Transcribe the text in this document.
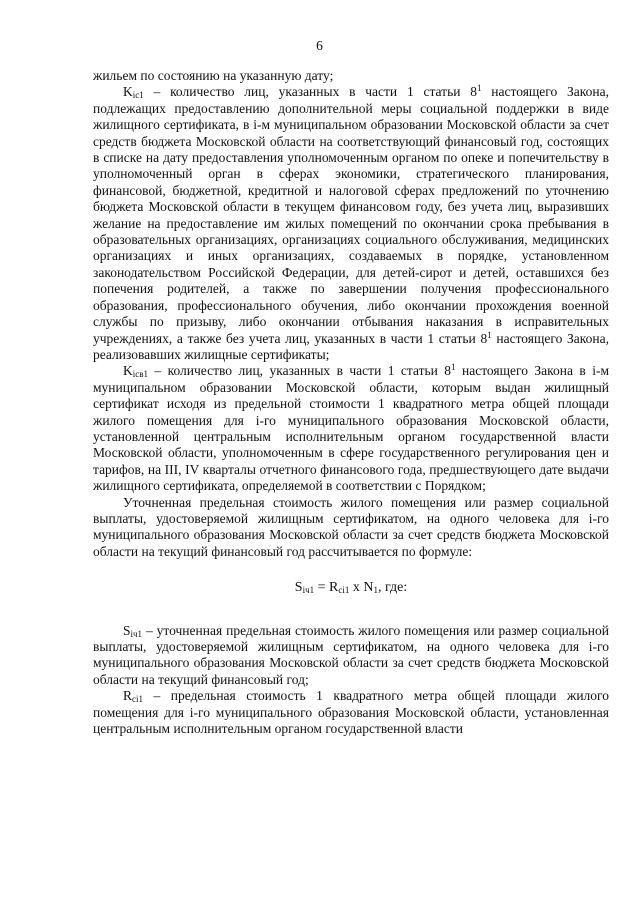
6

жильем по состоянию на указанную дату;

$K_{ic1}$ – количество лиц, указанных в части 1 статьи $8^1$ настоящего Закона, подлежащих предоставлению дополнительной меры социальной поддержки в виде жилищного сертификата, в i-м муниципальном образовании Московской области за счет средств бюджета Московской области на соответствующий финансовый год, состоящих в списке на дату предоставления уполномоченным органом по опеке и попечительству в уполномоченный орган в сферах экономики, стратегического планирования, финансовой, бюджетной, кредитной и налоговой сферах предложений по уточнению бюджета Московской области в текущем финансовом году, без учета лиц, выразивших желание на предоставление им жилых помещений по окончании срока пребывания в образовательных организациях, организациях социального обслуживания, медицинских организациях и иных организациях, создаваемых в порядке, установленном законодательством Российской Федерации, для детей-сирот и детей, оставшихся без попечения родителей, а также по завершении получения профессионального образования, профессионального обучения, либо окончании прохождения военной службы по призыву, либо окончании отбывания наказания в исправительных учреждениях, а также без учета лиц, указанных в части 1 статьи $8^1$ настоящего Закона, реализовавших жилищные сертификаты;

$K_{icв1}$ – количество лиц, указанных в части 1 статьи $8^1$ настоящего Закона в i-м муниципальном образовании Московской области, которым выдан жилищный сертификат исходя из предельной стоимости 1 квадратного метра общей площади жилого помещения для i-го муниципального образования Московской области, установленной центральным исполнительным органом государственной власти Московской области, уполномоченным в сфере государственного регулирования цен и тарифов, на III, IV кварталы отчетного финансового года, предшествующего дате выдачи жилищного сертификата, определяемой в соответствии с Порядком;

Уточненная предельная стоимость жилого помещения или размер социальной выплаты, удостоверяемой жилищным сертификатом, на одного человека для i-го муниципального образования Московской области за счет средств бюджета Московской области на текущий финансовый год рассчитывается по формуле:

$S_{iч1} = R_{ci1}$ x $N_1$, где:

$S_{iч1}$ – уточненная предельная стоимость жилого помещения или размер социальной выплаты, удостоверяемой жилищным сертификатом, на одного человека для i-го муниципального образования Московской области за счет средств бюджета Московской области на текущий финансовый год;

$R_{ci1}$ – предельная стоимость 1 квадратного метра общей площади жилого помещения для i-го муниципального образования Московской области, установленная центральным исполнительным органом государственной власти
